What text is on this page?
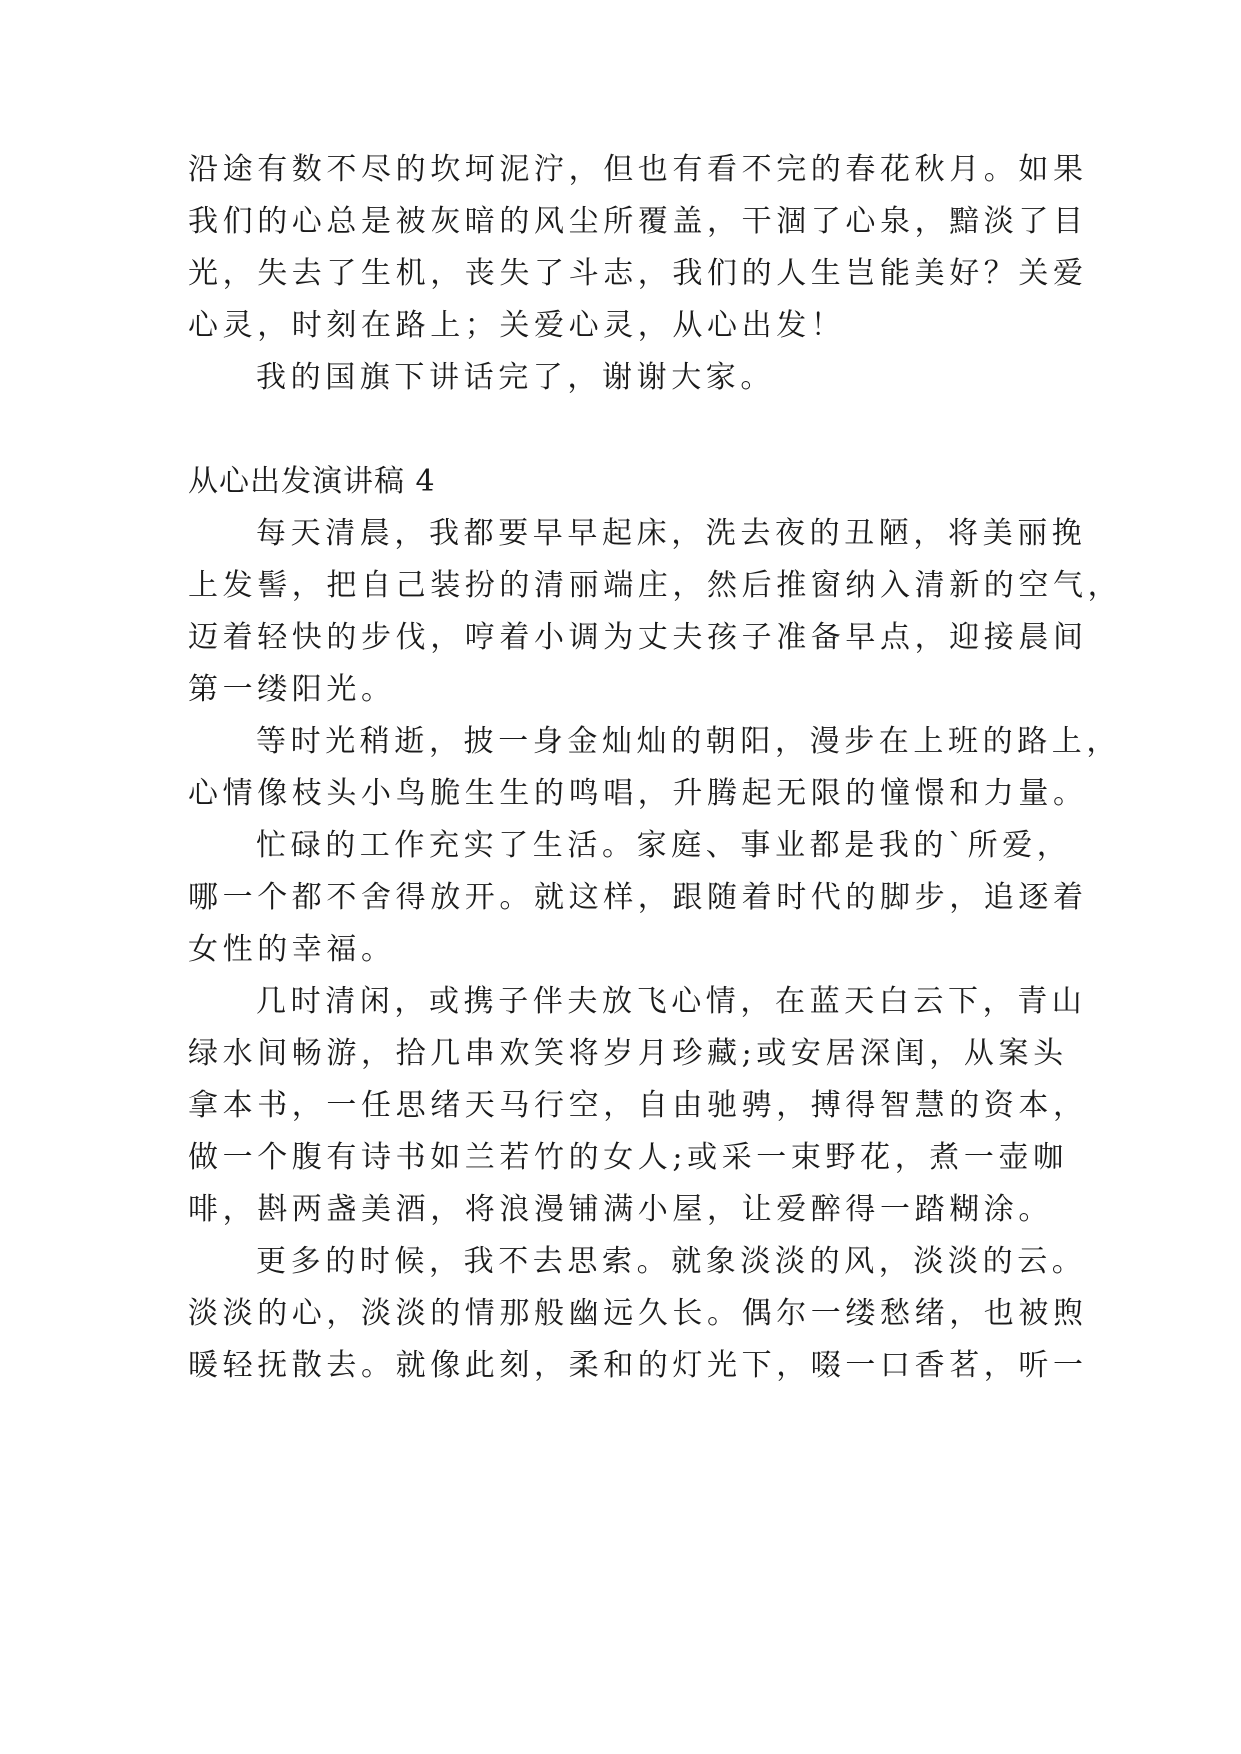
沿途有数不尽的坎坷泥泞，但也有看不完的春花秋月。如果
我们的心总是被灰暗的风尘所覆盖，干涸了心泉，黯淡了目
光，失去了生机，丧失了斗志，我们的人生岂能美好？关爱
心灵，时刻在路上；关爱心灵，从心出发！
我的国旗下讲话完了，谢谢大家。
从心出发演讲稿 4
每天清晨，我都要早早起床，洗去夜的丑陋，将美丽挽
上发髻，把自己装扮的清丽端庄，然后推窗纳入清新的空气，
迈着轻快的步伐，哼着小调为丈夫孩子准备早点，迎接晨间
第一缕阳光。
等时光稍逝，披一身金灿灿的朝阳，漫步在上班的路上，
心情像枝头小鸟脆生生的鸣唱，升腾起无限的憧憬和力量。
忙碌的工作充实了生活。家庭、事业都是我的`所爱，
哪一个都不舍得放开。就这样，跟随着时代的脚步，追逐着
女性的幸福。
几时清闲，或携子伴夫放飞心情，在蓝天白云下，青山
绿水间畅游，拾几串欢笑将岁月珍藏;或安居深闺，从案头
拿本书，一任思绪天马行空，自由驰骋，搏得智慧的资本，
做一个腹有诗书如兰若竹的女人;或采一束野花，煮一壶咖
啡，斟两盏美酒，将浪漫铺满小屋，让爱醉得一踏糊涂。
更多的时候，我不去思索。就象淡淡的风，淡淡的云。
淡淡的心，淡淡的情那般幽远久长。偶尔一缕愁绪，也被煦
暖轻抚散去。就像此刻，柔和的灯光下，啜一口香茗，听一
